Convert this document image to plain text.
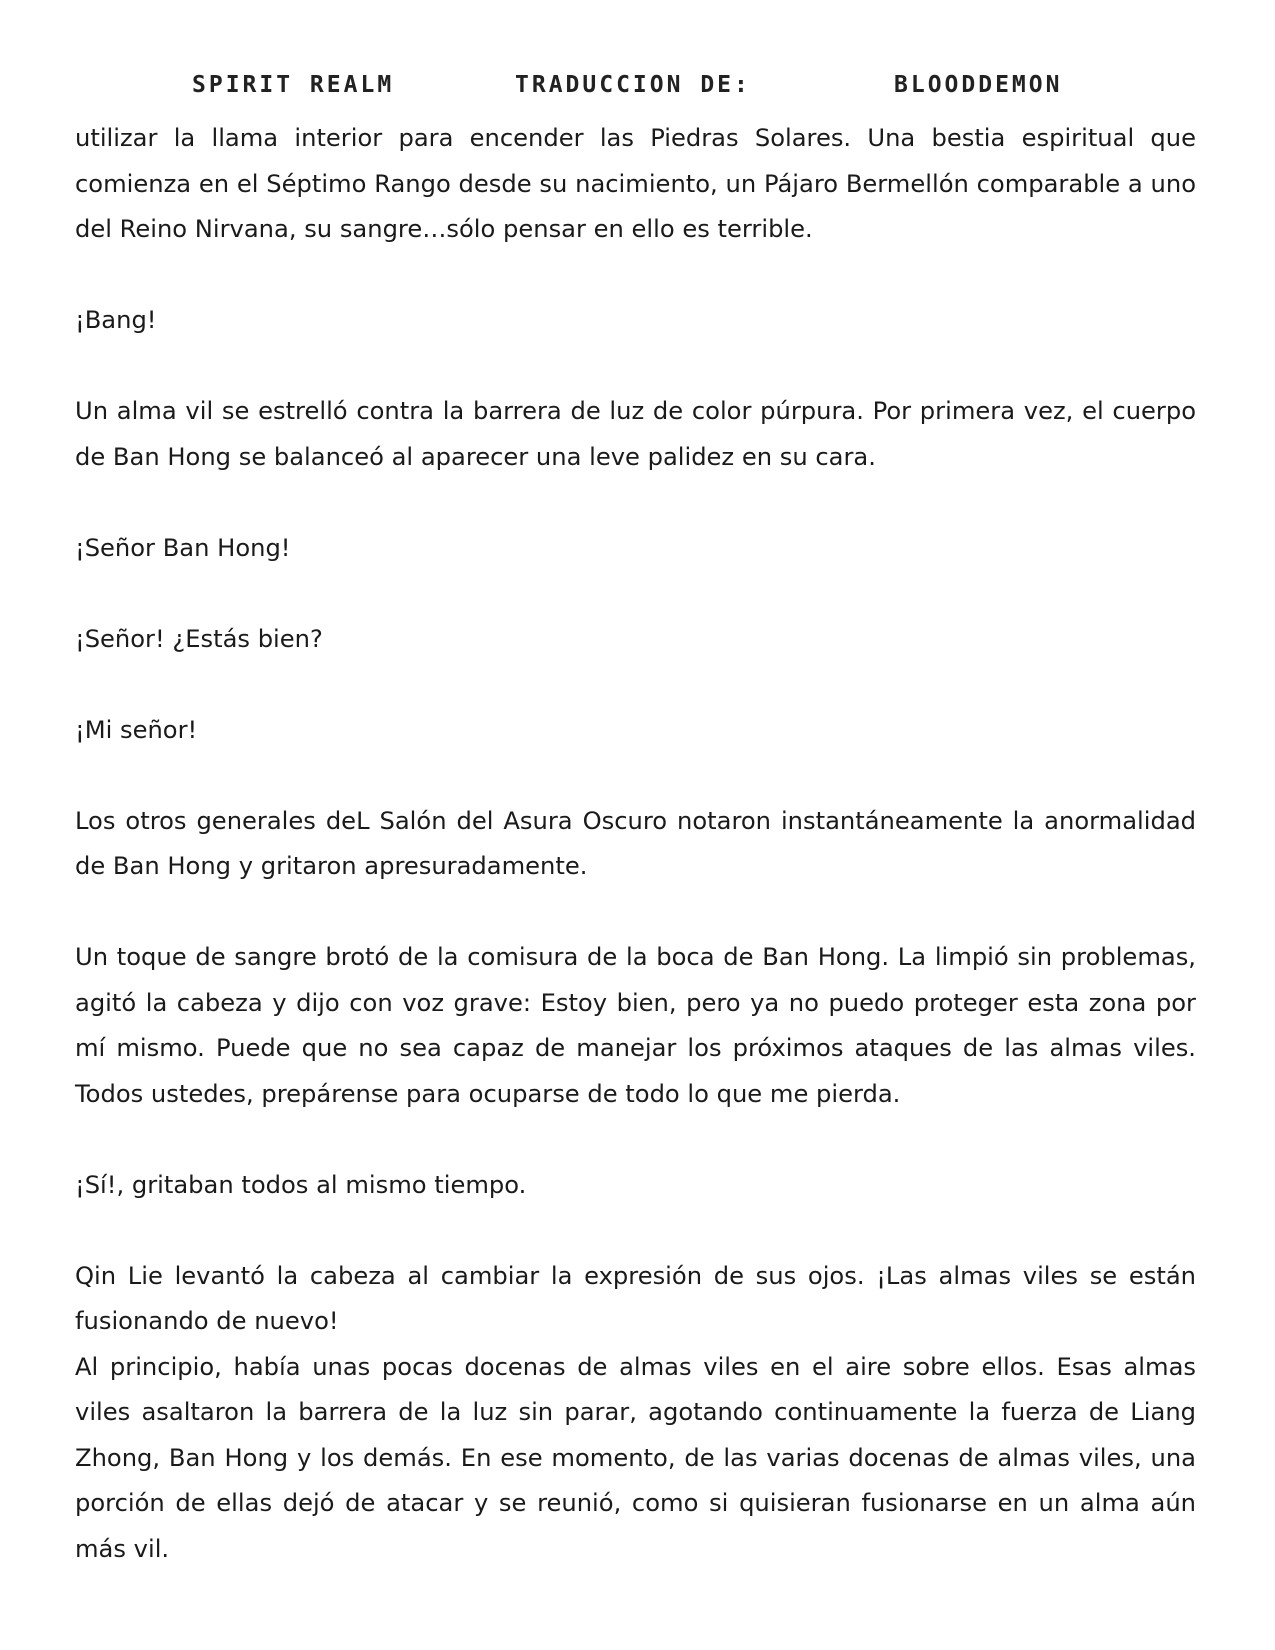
SPIRIT REALM	TRADUCCION DE:	BLOODDEMON

utilizar la llama interior para encender las Piedras Solares. Una bestia espiritual que comienza en el Séptimo Rango desde su nacimiento, un Pájaro Bermellón comparable a uno del Reino Nirvana, su sangre…sólo pensar en ello es terrible.

¡Bang!

Un alma vil se estrelló contra la barrera de luz de color púrpura. Por primera vez, el cuerpo de Ban Hong se balanceó al aparecer una leve palidez en su cara.

¡Señor Ban Hong!

¡Señor! ¿Estás bien?

¡Mi señor!

Los otros generales deL Salón del Asura Oscuro notaron instantáneamente la anormalidad de Ban Hong y gritaron apresuradamente.

Un toque de sangre brotó de la comisura de la boca de Ban Hong. La limpió sin problemas, agitó la cabeza y dijo con voz grave: Estoy bien, pero ya no puedo proteger esta zona por mí mismo. Puede que no sea capaz de manejar los próximos ataques de las almas viles. Todos ustedes, prepárense para ocuparse de todo lo que me pierda.

¡Sí!, gritaban todos al mismo tiempo.

Qin Lie levantó la cabeza al cambiar la expresión de sus ojos. ¡Las almas viles se están fusionando de nuevo!

Al principio, había unas pocas docenas de almas viles en el aire sobre ellos. Esas almas viles asaltaron la barrera de la luz sin parar, agotando continuamente la fuerza de Liang Zhong, Ban Hong y los demás. En ese momento, de las varias docenas de almas viles, una porción de ellas dejó de atacar y se reunió, como si quisieran fusionarse en un alma aún más vil.
